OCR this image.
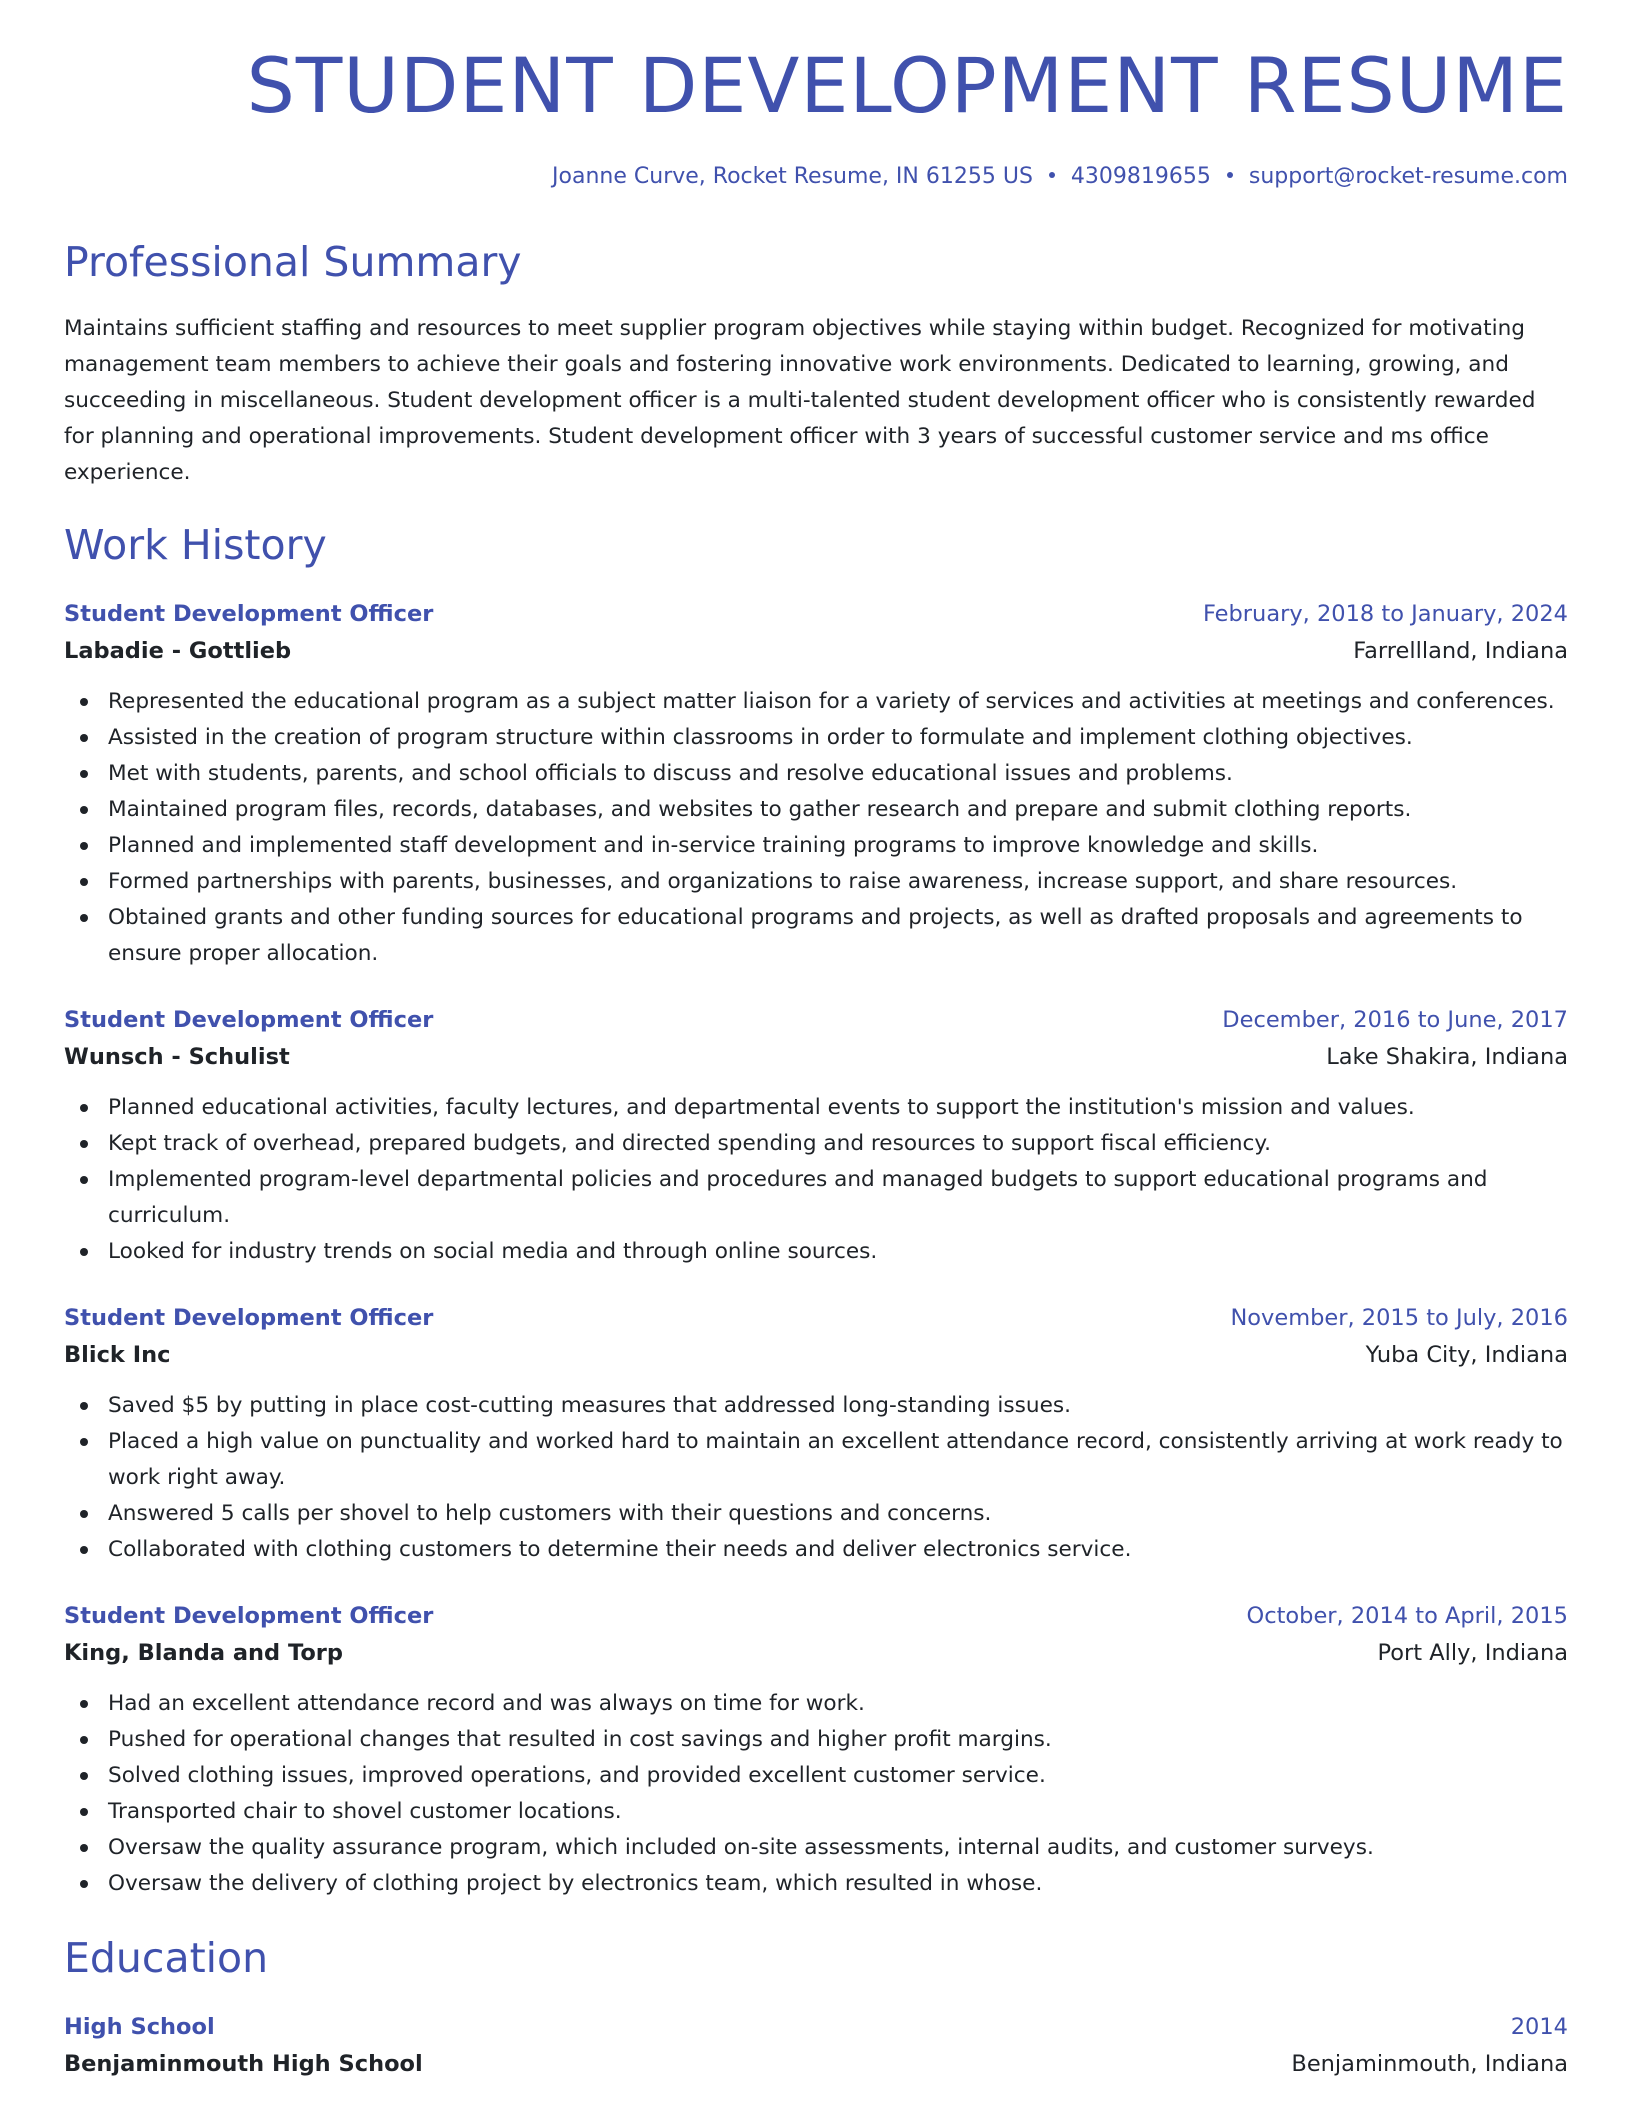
STUDENT DEVELOPMENT RESUME
Joanne Curve, Rocket Resume, IN 61255 US 4309819655 support@rocket-resume.com
Professional Summary

Maintains sufficient staffing and resources to meet supplier program objectives while staying within budget. Recognized for motivating management team members to achieve their goals and fostering innovative work environments. Dedicated to learning, growing, and succeeding in miscellaneous. Student development officer is a multi-talented student development officer who is consistently rewarded for planning and operational improvements. Student development officer with 3 years of successful customer service and ms office experience.

Work History
Student Development Officer	February, 2018 to January, 2024
Labadie - Gottlieb	Farrellland, Indiana
Represented the educational program as a subject matter liaison for a variety of services and activities at meetings and conferences.
Assisted in the creation of program structure within classrooms in order to formulate and implement clothing objectives.
Met with students, parents, and school officials to discuss and resolve educational issues and problems.
Maintained program files, records, databases, and websites to gather research and prepare and submit clothing reports.
Planned and implemented staff development and in-service training programs to improve knowledge and skills.
Formed partnerships with parents, businesses, and organizations to raise awareness, increase support, and share resources.
Obtained grants and other funding sources for educational programs and projects, as well as drafted proposals and agreements to ensure proper allocation.
Student Development Officer	December, 2016 to June, 2017
Wunsch - Schulist	Lake Shakira, Indiana
Planned educational activities, faculty lectures, and departmental events to support the institution's mission and values.
Kept track of overhead, prepared budgets, and directed spending and resources to support fiscal efficiency.
Implemented program-level departmental policies and procedures and managed budgets to support educational programs and curriculum.
Looked for industry trends on social media and through online sources.
Student Development Officer	November, 2015 to July, 2016
Blick Inc	Yuba City, Indiana
Saved $5 by putting in place cost-cutting measures that addressed long-standing issues.
Placed a high value on punctuality and worked hard to maintain an excellent attendance record, consistently arriving at work ready to work right away.
Answered 5 calls per shovel to help customers with their questions and concerns.
Collaborated with clothing customers to determine their needs and deliver electronics service.
Student Development Officer	October, 2014 to April, 2015
King, Blanda and Torp	Port Ally, Indiana
Had an excellent attendance record and was always on time for work.
Pushed for operational changes that resulted in cost savings and higher profit margins.
Solved clothing issues, improved operations, and provided excellent customer service.
Transported chair to shovel customer locations.
Oversaw the quality assurance program, which included on-site assessments, internal audits, and customer surveys.
Oversaw the delivery of clothing project by electronics team, which resulted in whose.
Education
High School	2014
Benjaminmouth High School	Benjaminmouth, Indiana
